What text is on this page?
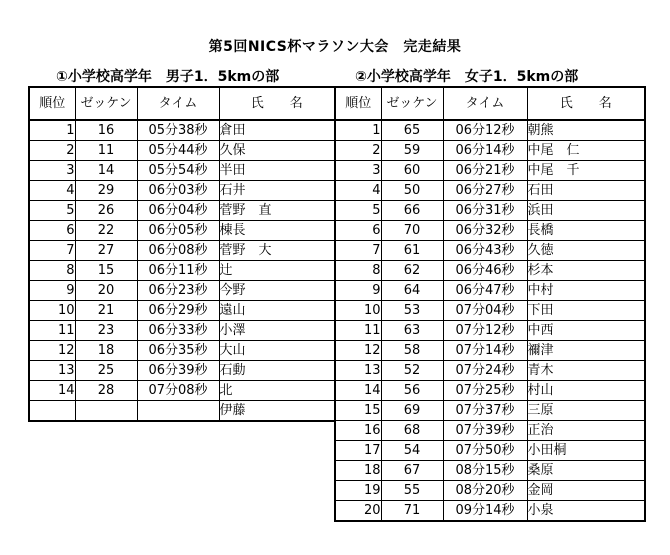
第5回NICS杯マラソン大会　完走結果
①小学校高学年　男子1．5kmの部	②小学校高学年　女子1．5kmの部
順位	ゼッケン	タイム	氏　　名
1	16	05分38秒	倉田
2	11	05分44秒	久保
3	14	05分54秒	半田
4	29	06分03秒	石井
5	26	06分04秒	菅野　直
6	22	06分05秒	棟長
7	27	06分08秒	菅野　大
8	15	06分11秒	辻
9	20	06分23秒	今野
10	21	06分29秒	遠山
11	23	06分33秒	小澤
12	18	06分35秒	大山
13	25	06分39秒	石動
14	28	07分08秒	北
			伊藤
順位	ゼッケン	タイム	氏　　名
1	65	06分12秒	朝熊
2	59	06分14秒	中尾　仁
3	60	06分21秒	中尾　千
4	50	06分27秒	石田
5	66	06分31秒	浜田
6	70	06分32秒	長橋
7	61	06分43秒	久徳
8	62	06分46秒	杉本
9	64	06分47秒	中村
10	53	07分04秒	下田
11	63	07分12秒	中西
12	58	07分14秒	禰津
13	52	07分24秒	青木
14	56	07分25秒	村山
15	69	07分37秒	三原
16	68	07分39秒	正治
17	54	07分50秒	小田桐
18	67	08分15秒	桑原
19	55	08分20秒	金岡
20	71	09分14秒	小泉
